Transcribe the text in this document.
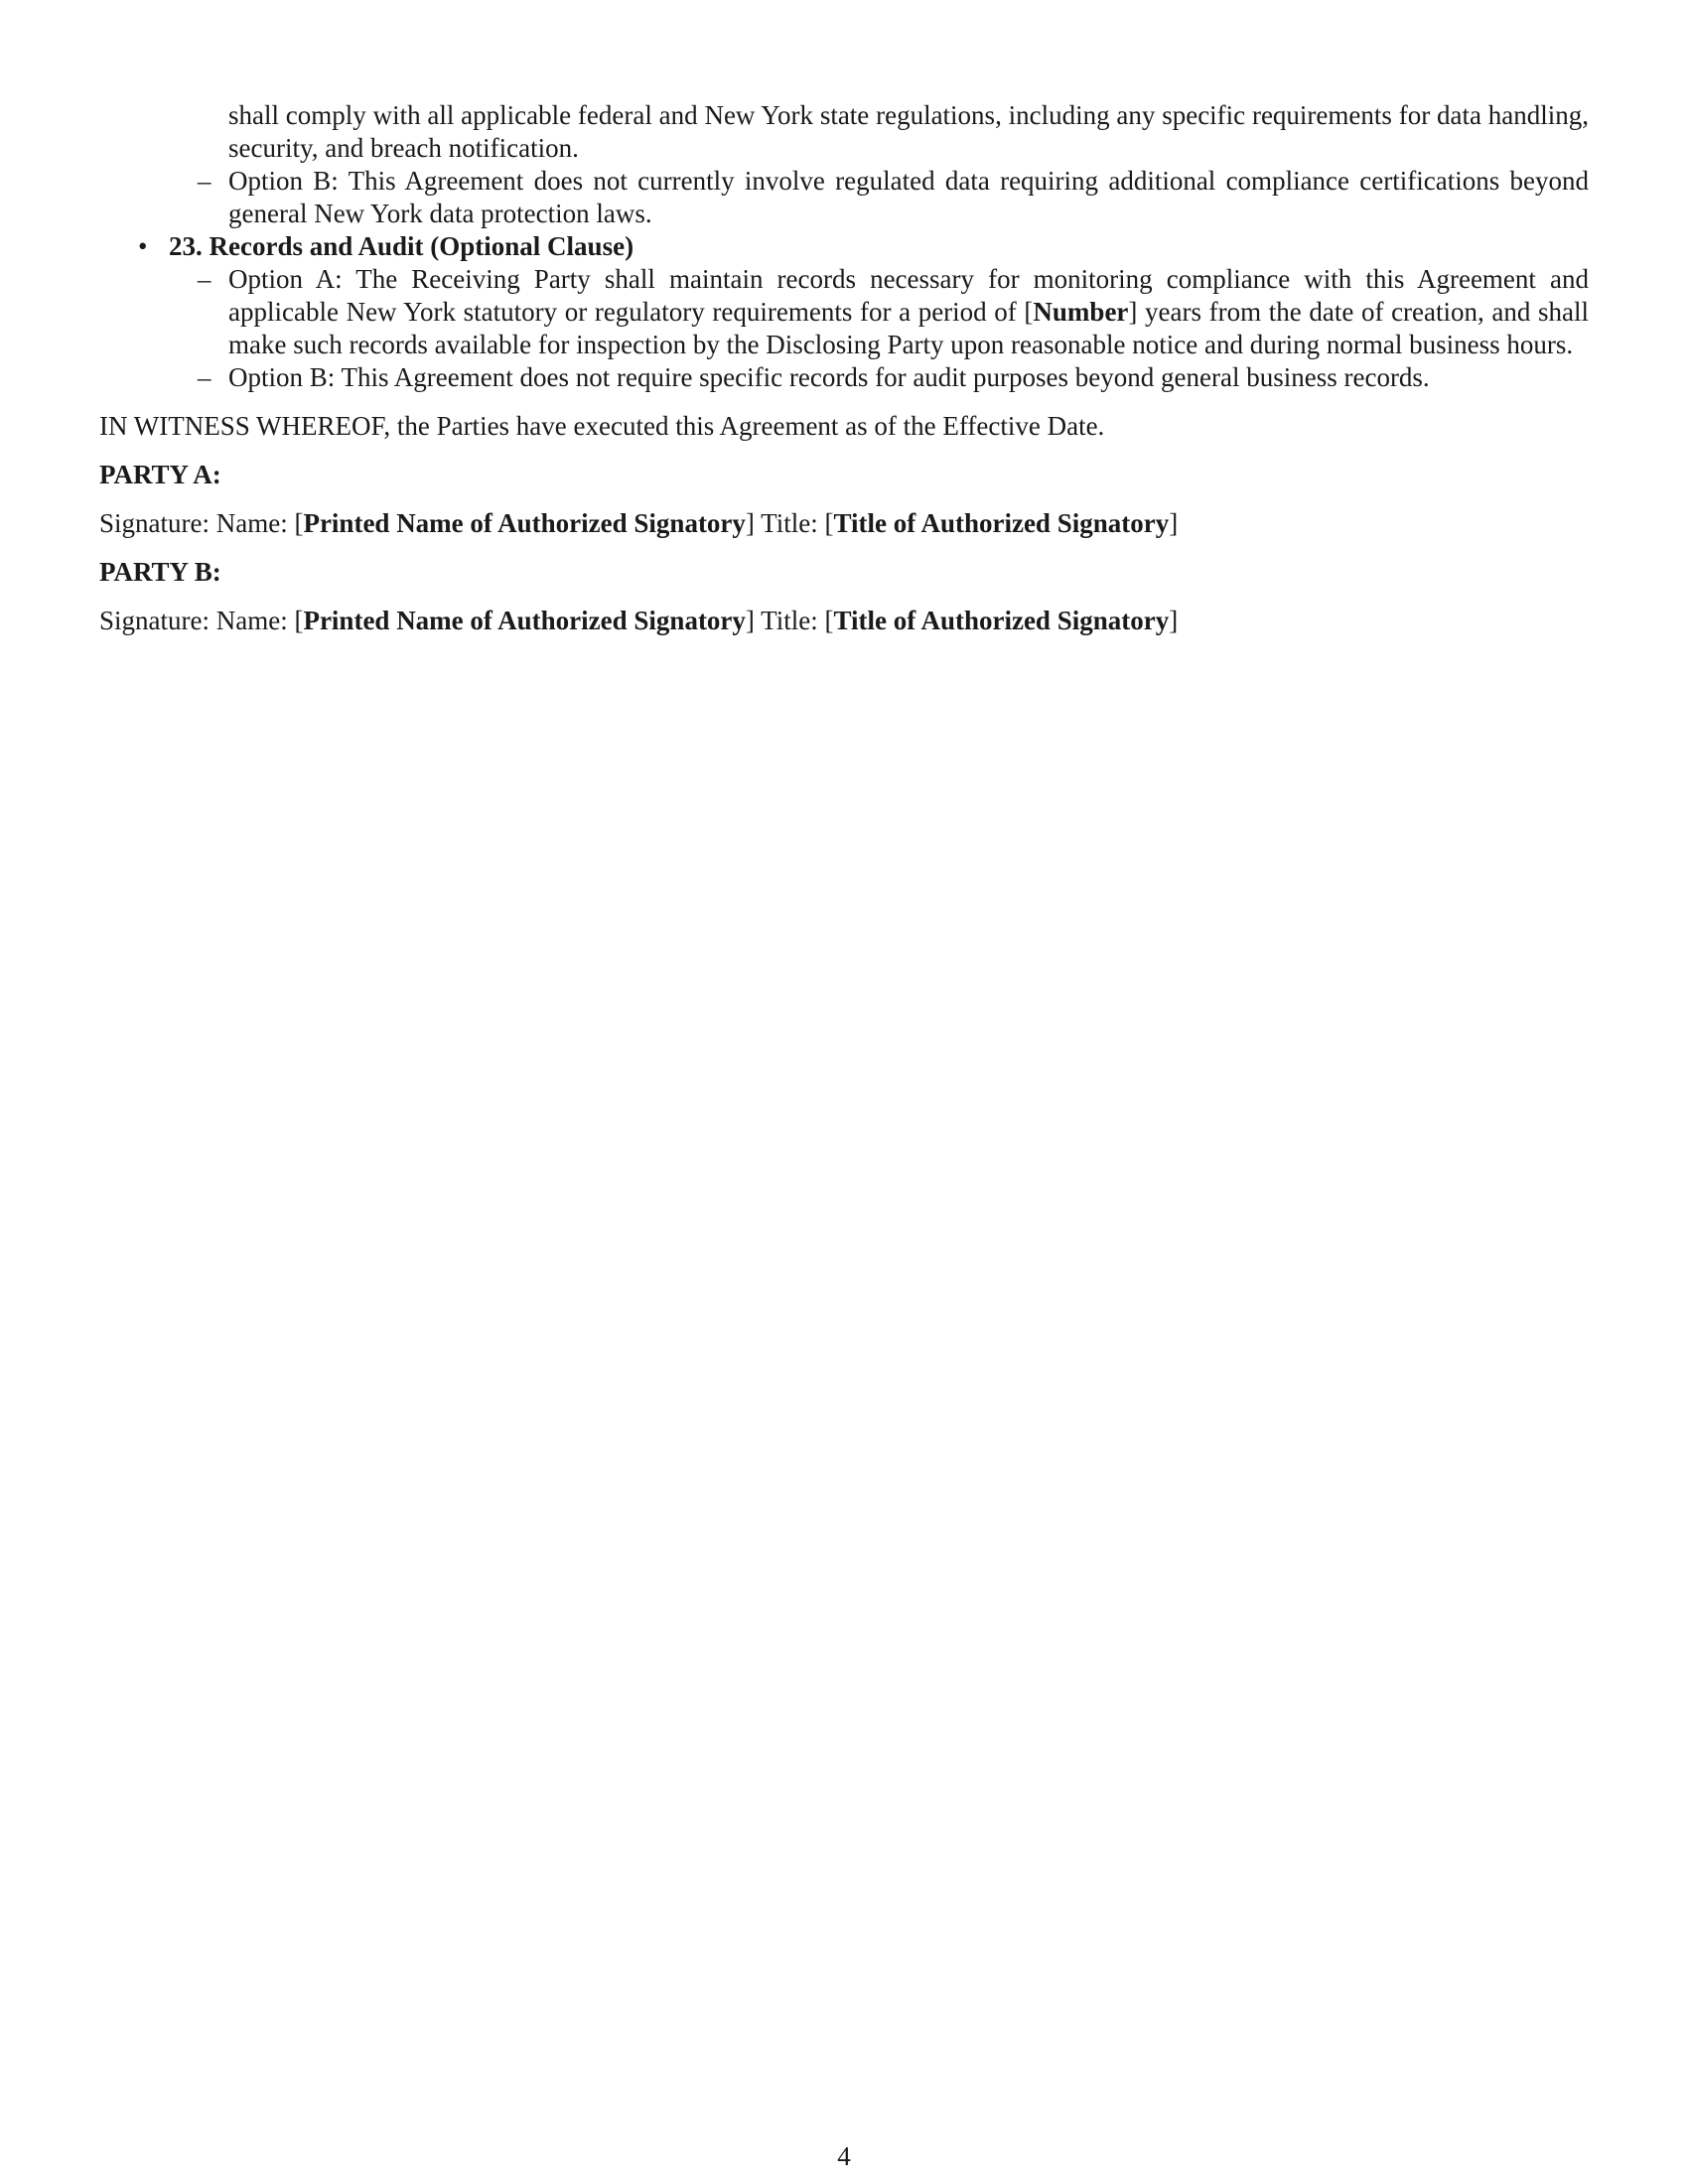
shall comply with all applicable federal and New York state regulations, including any specific requirements for data handling, security, and breach notification.
– Option B: This Agreement does not currently involve regulated data requiring additional compliance certifications beyond general New York data protection laws.
• 23. Records and Audit (Optional Clause)
– Option A: The Receiving Party shall maintain records necessary for monitoring compliance with this Agreement and applicable New York statutory or regulatory requirements for a period of [Number] years from the date of creation, and shall make such records available for inspection by the Disclosing Party upon reasonable notice and during normal business hours.
– Option B: This Agreement does not require specific records for audit purposes beyond general business records.
IN WITNESS WHEREOF, the Parties have executed this Agreement as of the Effective Date.
PARTY A:
Signature: Name: [Printed Name of Authorized Signatory] Title: [Title of Authorized Signatory]
PARTY B:
Signature: Name: [Printed Name of Authorized Signatory] Title: [Title of Authorized Signatory]
4
